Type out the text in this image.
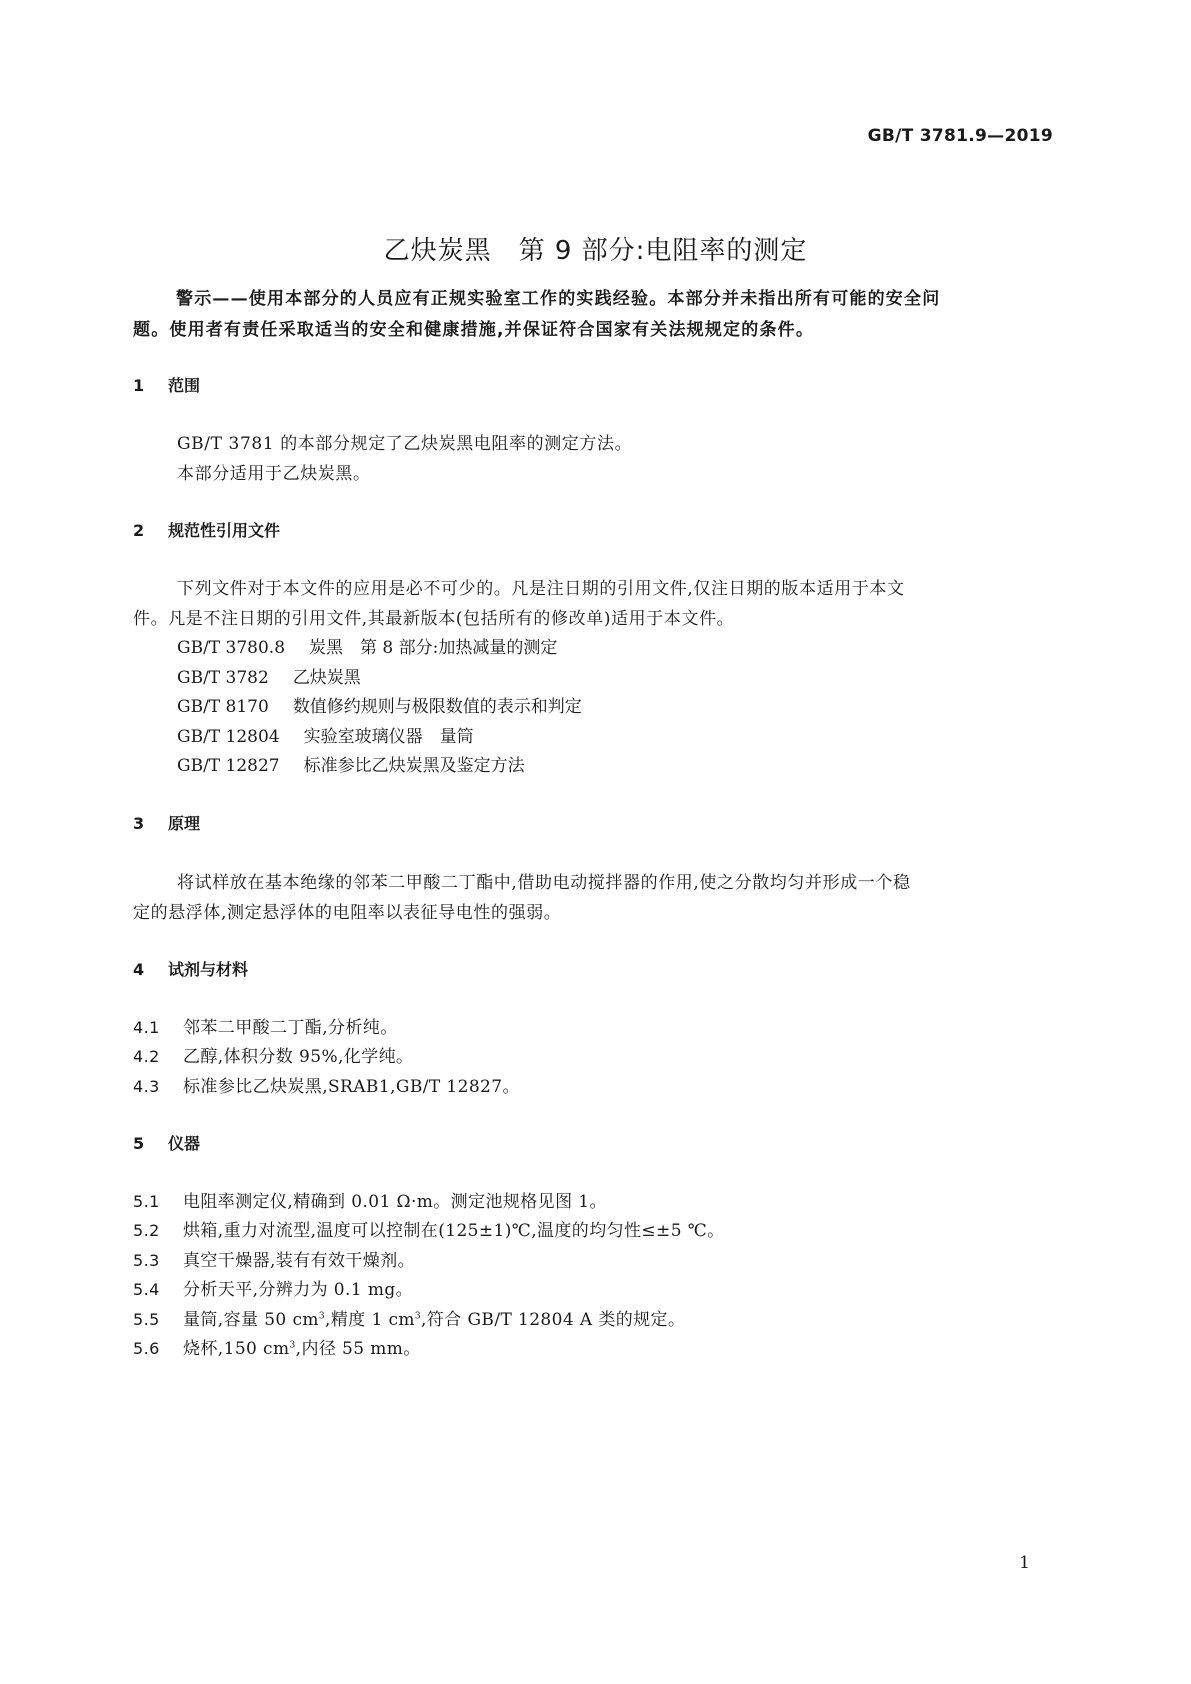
GB/T 3781.9—2019
乙炔炭黑　第 9 部分:电阻率的测定
警示——使用本部分的人员应有正规实验室工作的实践经验。本部分并未指出所有可能的安全问
题。使用者有责任采取适当的安全和健康措施,并保证符合国家有关法规规定的条件。
1 范围
GB/T 3781 的本部分规定了乙炔炭黑电阻率的测定方法。
本部分适用于乙炔炭黑。
2 规范性引用文件
下列文件对于本文件的应用是必不可少的。凡是注日期的引用文件,仅注日期的版本适用于本文
件。凡是不注日期的引用文件,其最新版本(包括所有的修改单)适用于本文件。
GB/T 3780.8 炭黑　第 8 部分:加热减量的测定
GB/T 3782 乙炔炭黑
GB/T 8170 数值修约规则与极限数值的表示和判定
GB/T 12804 实验室玻璃仪器　量筒
GB/T 12827 标准参比乙炔炭黑及鉴定方法
3 原理
将试样放在基本绝缘的邻苯二甲酸二丁酯中,借助电动搅拌器的作用,使之分散均匀并形成一个稳
定的悬浮体,测定悬浮体的电阻率以表征导电性的强弱。
4 试剂与材料
4.1 邻苯二甲酸二丁酯,分析纯。
4.2 乙醇,体积分数 95%,化学纯。
4.3 标准参比乙炔炭黑,SRAB1,GB/T 12827。
5 仪器
5.1 电阻率测定仪,精确到 0.01 Ω·m。测定池规格见图 1。
5.2 烘箱,重力对流型,温度可以控制在(125±1)℃,温度的均匀性≤±5 ℃。
5.3 真空干燥器,装有有效干燥剂。
5.4 分析天平,分辨力为 0.1 mg。
5.5 量筒,容量 50 $cm^3$,精度 1 $cm^3$,符合 GB/T 12804 A 类的规定。
5.6 烧杯,150 $cm^3$,内径 55 mm。
1
